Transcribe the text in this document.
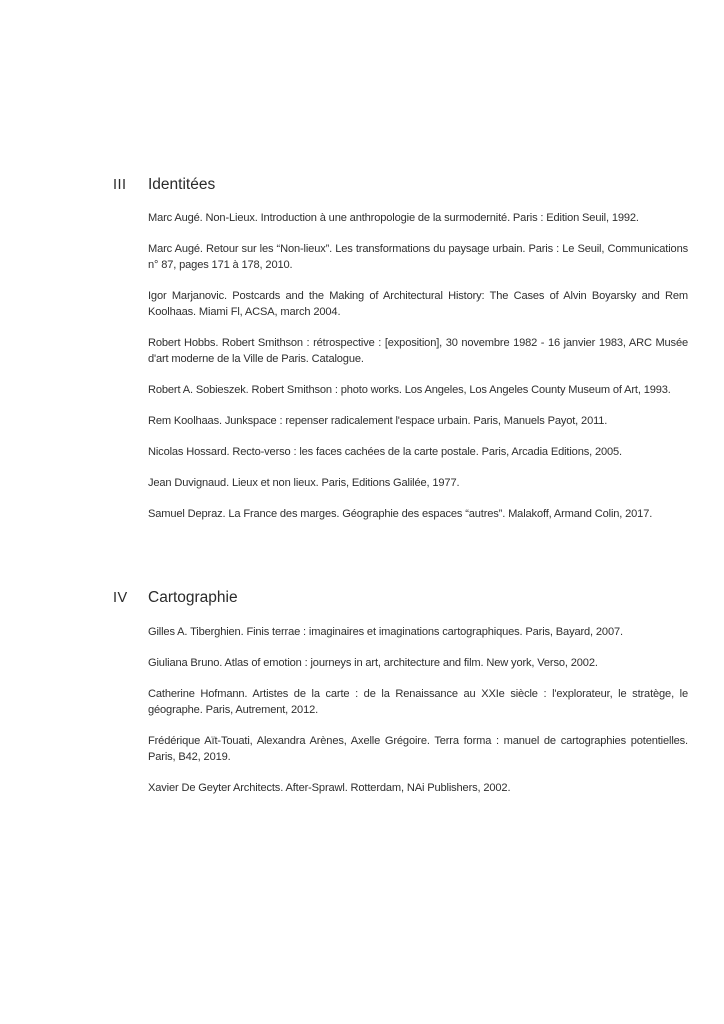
III Identitées

Marc Augé. Non-Lieux. Introduction à une anthropologie de la surmodernité. Paris : Edition Seuil, 1992.

Marc Augé. Retour sur les “Non-lieux”. Les transformations du paysage urbain. Paris : Le Seuil, Communications n° 87, pages 171 à 178, 2010.

Igor Marjanovic. Postcards and the Making of Architectural History: The Cases of Alvin Boyarsky and Rem Koolhaas. Miami Fl, ACSA, march 2004.

Robert Hobbs. Robert Smithson : rétrospective : [exposition], 30 novembre 1982 - 16 janvier 1983, ARC Musée d'art moderne de la Ville de Paris. Catalogue.

Robert A. Sobieszek. Robert Smithson : photo works. Los Angeles, Los Angeles County Museum of Art, 1993.

Rem Koolhaas. Junkspace : repenser radicalement l'espace urbain. Paris, Manuels Payot, 2011.

Nicolas Hossard. Recto-verso : les faces cachées de la carte postale. Paris, Arcadia Editions, 2005.

Jean Duvignaud. Lieux et non lieux. Paris, Editions Galilée, 1977.

Samuel Depraz. La France des marges. Géographie des espaces “autres”. Malakoff, Armand Colin, 2017.

IV Cartographie

Gilles A. Tiberghien. Finis terrae : imaginaires et imaginations cartographiques. Paris, Bayard, 2007.

Giuliana Bruno. Atlas of emotion : journeys in art, architecture and film. New york, Verso, 2002.

Catherine Hofmann. Artistes de la carte : de la Renaissance au XXIe siècle : l'explorateur, le stratège, le géographe. Paris, Autrement, 2012.

Frédérique Aït-Touati, Alexandra Arènes, Axelle Grégoire. Terra forma : manuel de cartographies potentielles. Paris, B42, 2019.

Xavier De Geyter Architects. After-Sprawl. Rotterdam, NAi Publishers, 2002.
